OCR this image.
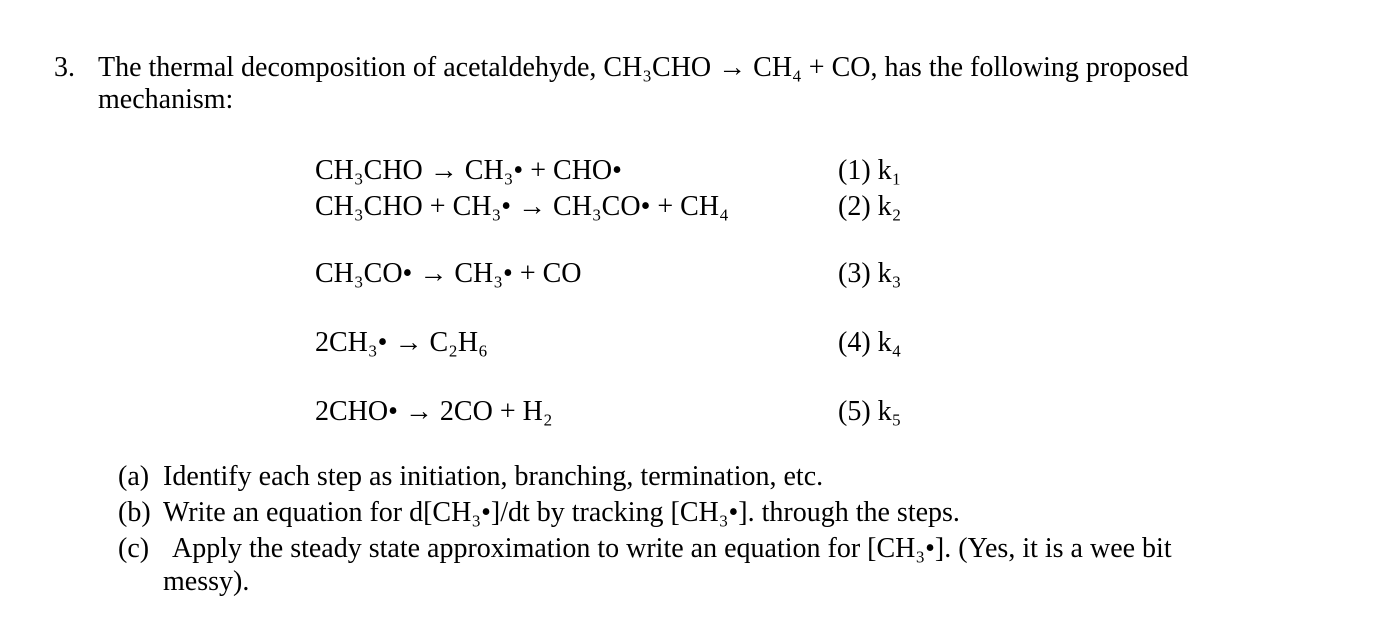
3. The thermal decomposition of acetaldehyde, CH₃CHO → CH₄ + CO, has the following proposed
mechanism:
CH₃CHO → CH₃• + CHO•	(1) k₁
CH₃CHO + CH₃• → CH₃CO• + CH₄	(2) k₂
CH₃CO• → CH₃• + CO	(3) k₃
2CH₃• → C₂H₆	(4) k₄
2CHO• → 2CO + H₂	(5) k₅
(a) Identify each step as initiation, branching, termination, etc.
(b) Write an equation for d[CH₃•]/dt by tracking [CH₃•]. through the steps.
(c) Apply the steady state approximation to write an equation for [CH₃•]. (Yes, it is a wee bit
messy).
